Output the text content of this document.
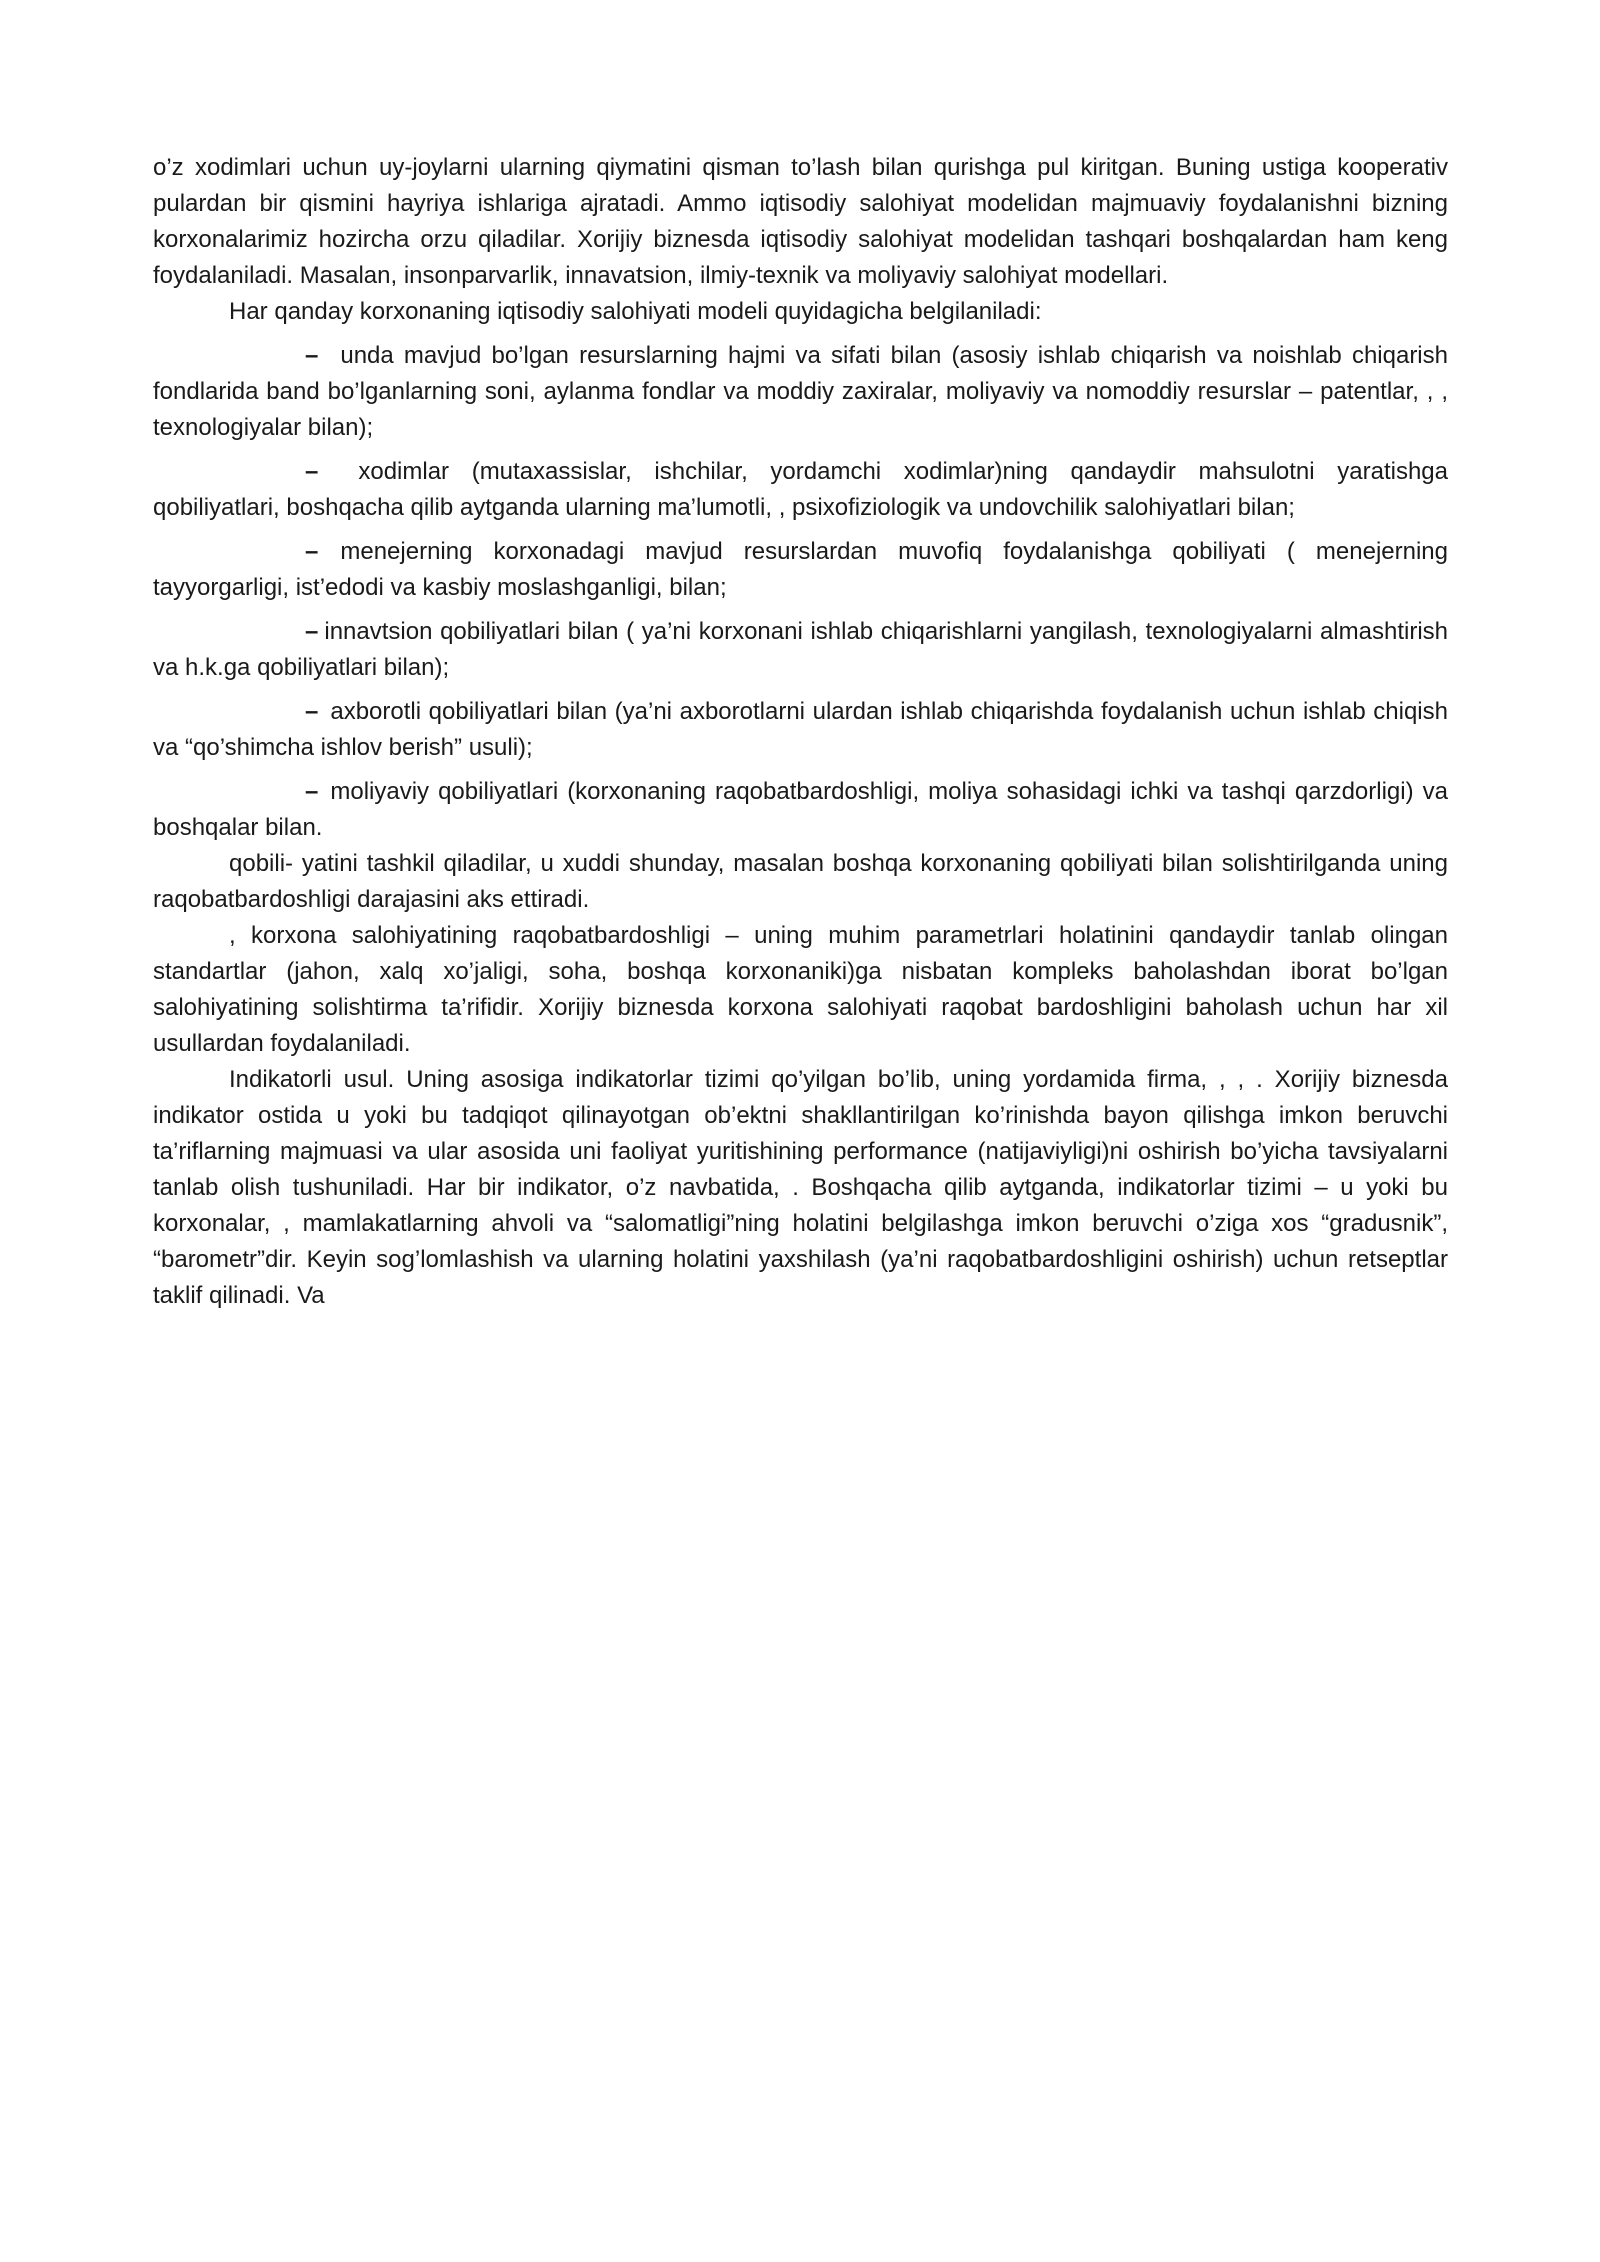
o’z xodimlari uchun uy-joylarni ularning qiymatini qisman to’lash bilan qurishga pul kiritgan. Buning ustiga kooperativ pulardan bir qismini hayriya ishlariga ajratadi. Ammo iqtisodiy salohiyat modelidan majmuaviy foydalanishni bizning korxonalarimiz hozircha orzu qiladilar. Xorijiy biznesda iqtisodiy salohiyat modelidan tashqari boshqalardan ham keng foydalaniladi. Masalan, insonparvarlik, innavatsion, ilmiy-texnik va moliyaviy salohiyat modellari.

Har qanday korxonaning iqtisodiy salohiyati modeli quyidagicha belgilaniladi:

– unda mavjud bo’lgan resurslarning hajmi va sifati bilan (asosiy ishlab chiqarish va noishlab chiqarish fondlarida band bo’lganlarning soni, aylanma fondlar va moddiy zaxiralar, moliyaviy va nomoddiy resurslar – patentlar, , , texnologiyalar bilan);

– xodimlar (mutaxassislar, ishchilar, yordamchi xodimlar)ning qandaydir mahsulotni yaratishga qobiliyatlari, boshqacha qilib aytganda ularning ma’lumotli, , psixofiziologik va undovchilik salohiyatlari bilan;

– menejerning korxonadagi mavjud resurslardan muvofiq foydalanishga qobiliyati ( menejerning tayyorgarligi, ist’edodi va kasbiy moslashganligi, bilan;

– innavtsion qobiliyatlari bilan ( ya’ni korxonani ishlab chiqarishlarni yangilash, texnologiyalarni almashtirish va h.k.ga qobiliyatlari bilan);

– axborotli qobiliyatlari bilan (ya’ni axborotlarni ulardan ishlab chiqarishda foydalanish uchun ishlab chiqish va “qo’shimcha ishlov berish” usuli);

– moliyaviy qobiliyatlari (korxonaning raqobatbardoshligi, moliya sohasidagi ichki va tashqi qarzdorligi) va boshqalar bilan.

qobili- yatini tashkil qiladilar, u xuddi shunday, masalan boshqa korxonaning qobiliyati bilan solishtirilganda uning raqobatbardoshligi darajasini aks ettiradi.

, korxona salohiyatining raqobatbardoshligi – uning muhim parametrlari holatinini qandaydir tanlab olingan standartlar (jahon, xalq xo’jaligi, soha, boshqa korxonaniki)ga nisbatan kompleks baholashdan iborat bo’lgan salohiyatining solishtirma ta’rifidir. Xorijiy biznesda korxona salohiyati raqobat bardoshligini baholash uchun har xil usullardan foydalaniladi.

Indikatorli usul. Uning asosiga indikatorlar tizimi qo’yilgan bo’lib, uning yordamida firma, , , . Xorijiy biznesda indikator ostida u yoki bu tadqiqot qilinayotgan ob’ektni shakllantirilgan ko’rinishda bayon qilishga imkon beruvchi ta’riflarning majmuasi va ular asosida uni faoliyat yuritishining performance (natijaviyligi)ni oshirish bo’yicha tavsiyalarni tanlab olish tushuniladi. Har bir indikator, o’z navbatida, . Boshqacha qilib aytganda, indikatorlar tizimi – u yoki bu korxonalar, , mamlakatlarning ahvoli va “salomatligi”ning holatini belgilashga imkon beruvchi o’ziga xos “gradusnik”, “barometr”dir. Keyin sog’lomlashish va ularning holatini yaxshilash (ya’ni raqobatbardoshligini oshirish) uchun retseptlar taklif qilinadi. Va
